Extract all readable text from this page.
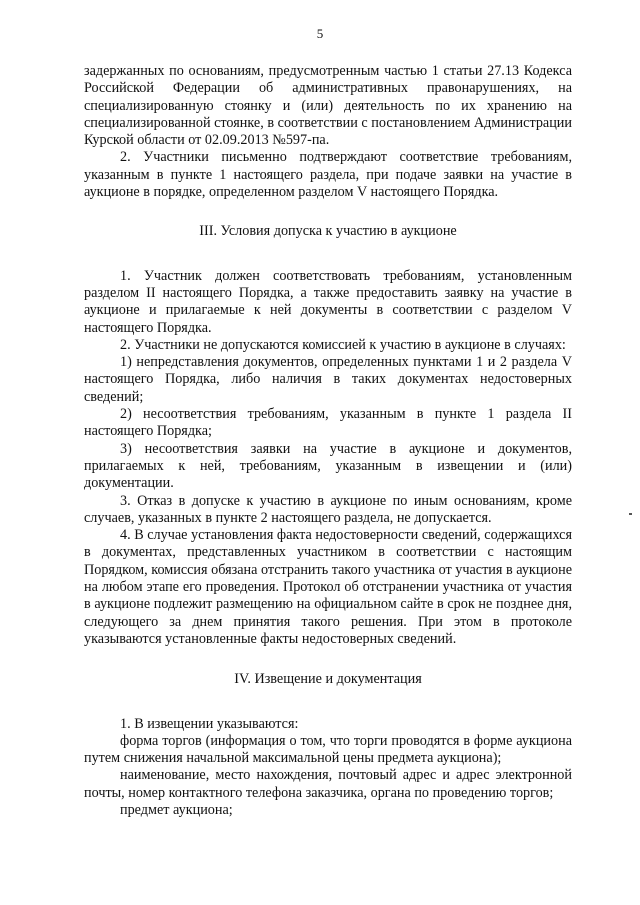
5

задержанных по основаниям, предусмотренным частью 1 статьи 27.13 Кодекса Российской Федерации об административных правонарушениях, на специализированную стоянку и (или) деятельность по их хранению на специализированной стоянке, в соответствии с постановлением Администрации Курской области от 02.09.2013 №597-па.

2. Участники письменно подтверждают соответствие требованиям, указанным в пункте 1 настоящего раздела, при подаче заявки на участие в аукционе в порядке, определенном разделом V настоящего Порядка.

III. Условия допуска к участию в аукционе

1. Участник должен соответствовать требованиям, установленным разделом II настоящего Порядка, а также предоставить заявку на участие в аукционе и прилагаемые к ней документы в соответствии с разделом V настоящего Порядка.

2. Участники не допускаются комиссией к участию в аукционе в случаях:

1) непредставления документов, определенных пунктами 1 и 2 раздела V настоящего Порядка, либо наличия в таких документах недостоверных сведений;

2) несоответствия требованиям, указанным в пункте 1 раздела II настоящего Порядка;

3) несоответствия заявки на участие в аукционе и документов, прилагаемых к ней, требованиям, указанным в извещении и (или) документации.

3. Отказ в допуске к участию в аукционе по иным основаниям, кроме случаев, указанных в пункте 2 настоящего раздела, не допускается.

4. В случае установления факта недостоверности сведений, содержащихся в документах, представленных участником в соответствии с настоящим Порядком, комиссия обязана отстранить такого участника от участия в аукционе на любом этапе его проведения. Протокол об отстранении участника от участия в аукционе подлежит размещению на официальном сайте в срок не позднее дня, следующего за днем принятия такого решения. При этом в протоколе указываются установленные факты недостоверных сведений.

IV. Извещение и документация

1. В извещении указываются:

форма торгов (информация о том, что торги проводятся в форме аукциона путем снижения начальной максимальной цены предмета аукциона);

наименование, место нахождения, почтовый адрес и адрес электронной почты, номер контактного телефона заказчика, органа по проведению торгов;

предмет аукциона;
